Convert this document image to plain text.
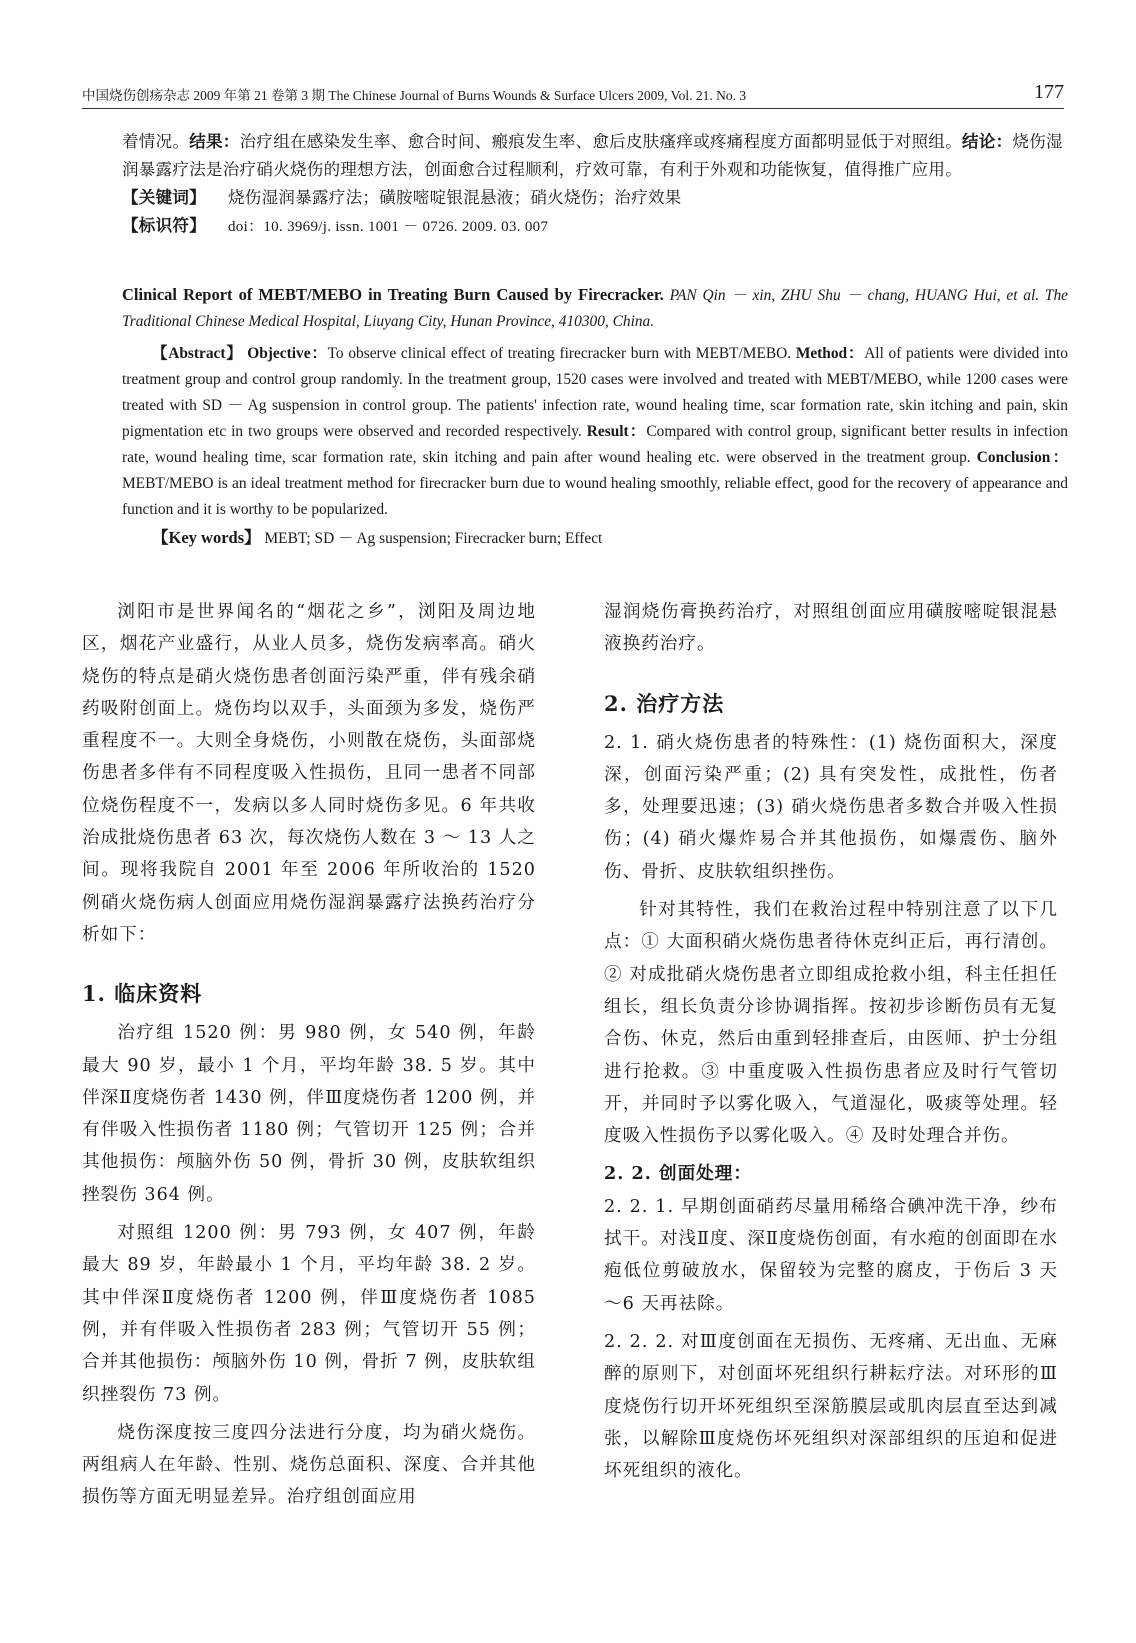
中国烧伤创疡杂志 2009 年第 21 卷第 3 期 The Chinese Journal of Burns Wounds & Surface Ulcers 2009, Vol. 21. No. 3	177

着情况。结果：治疗组在感染发生率、愈合时间、瘢痕发生率、愈后皮肤瘙痒或疼痛程度方面都明显低于对照组。结论：烧伤湿润暴露疗法是治疗硝火烧伤的理想方法，创面愈合过程顺利，疗效可靠，有利于外观和功能恢复，值得推广应用。

【关键词】 烧伤湿润暴露疗法；磺胺嘧啶银混悬液；硝火烧伤；治疗效果

【标识符】 doi：10. 3969/j. issn. 1001 － 0726. 2009. 03. 007

Clinical Report of MEBT/MEBO in Treating Burn Caused by Firecracker. PAN Qin － xin, ZHU Shu － chang, HUANG Hui, et al. The Traditional Chinese Medical Hospital, Liuyang City, Hunan Province, 410300, China.

【Abstract】 Objective：To observe clinical effect of treating firecracker burn with MEBT/MEBO. Method：All of patients were divided into treatment group and control group randomly. In the treatment group, 1520 cases were involved and treated with MEBT/MEBO, while 1200 cases were treated with SD － Ag suspension in control group. The patients' infection rate, wound healing time, scar formation rate, skin itching and pain, skin pigmentation etc in two groups were observed and recorded respectively. Result：Compared with control group, significant better results in infection rate, wound healing time, scar formation rate, skin itching and pain after wound healing etc. were observed in the treatment group. Conclusion：MEBT/MEBO is an ideal treatment method for firecracker burn due to wound healing smoothly, reliable effect, good for the recovery of appearance and function and it is worthy to be popularized.

【Key words】 MEBT; SD － Ag suspension; Firecracker burn; Effect

浏阳市是世界闻名的“烟花之乡”，浏阳及周边地区，烟花产业盛行，从业人员多，烧伤发病率高。硝火烧伤的特点是硝火烧伤患者创面污染严重，伴有残余硝药吸附创面上。烧伤均以双手，头面颈为多发，烧伤严重程度不一。大则全身烧伤，小则散在烧伤，头面部烧伤患者多伴有不同程度吸入性损伤，且同一患者不同部位烧伤程度不一，发病以多人同时烧伤多见。6 年共收治成批烧伤患者 63 次，每次烧伤人数在 3 ～ 13 人之间。现将我院自 2001 年至 2006 年所收治的 1520 例硝火烧伤病人创面应用烧伤湿润暴露疗法换药治疗分析如下：

1. 临床资料

治疗组 1520 例：男 980 例，女 540 例，年龄最大 90 岁，最小 1 个月，平均年龄 38. 5 岁。其中伴深Ⅱ度烧伤者 1430 例，伴Ⅲ度烧伤者 1200 例，并有伴吸入性损伤者 1180 例；气管切开 125 例；合并其他损伤：颅脑外伤 50 例，骨折 30 例，皮肤软组织挫裂伤 364 例。

对照组 1200 例：男 793 例，女 407 例，年龄最大 89 岁，年龄最小 1 个月，平均年龄 38. 2 岁。其中伴深Ⅱ度烧伤者 1200 例，伴Ⅲ度烧伤者 1085 例，并有伴吸入性损伤者 283 例；气管切开 55 例；合并其他损伤：颅脑外伤 10 例，骨折 7 例，皮肤软组织挫裂伤 73 例。

烧伤深度按三度四分法进行分度，均为硝火烧伤。两组病人在年龄、性别、烧伤总面积、深度、合并其他损伤等方面无明显差异。治疗组创面应用

湿润烧伤膏换药治疗，对照组创面应用磺胺嘧啶银混悬液换药治疗。

2. 治疗方法

2. 1. 硝火烧伤患者的特殊性：(1) 烧伤面积大，深度深，创面污染严重；(2) 具有突发性，成批性，伤者多，处理要迅速；(3) 硝火烧伤患者多数合并吸入性损伤；(4) 硝火爆炸易合并其他损伤，如爆震伤、脑外伤、骨折、皮肤软组织挫伤。

针对其特性，我们在救治过程中特别注意了以下几点：① 大面积硝火烧伤患者待休克纠正后，再行清创。② 对成批硝火烧伤患者立即组成抢救小组，科主任担任组长，组长负责分诊协调指挥。按初步诊断伤员有无复合伤、休克，然后由重到轻排查后，由医师、护士分组进行抢救。③ 中重度吸入性损伤患者应及时行气管切开，并同时予以雾化吸入，气道湿化，吸痰等处理。轻度吸入性损伤予以雾化吸入。④ 及时处理合并伤。

2. 2. 创面处理：

2. 2. 1. 早期创面硝药尽量用稀络合碘冲洗干净，纱布拭干。对浅Ⅱ度、深Ⅱ度烧伤创面，有水疱的创面即在水疱低位剪破放水，保留较为完整的腐皮，于伤后 3 天 ～6 天再祛除。

2. 2. 2. 对Ⅲ度创面在无损伤、无疼痛、无出血、无麻醉的原则下，对创面坏死组织行耕耘疗法。对环形的Ⅲ度烧伤行切开坏死组织至深筋膜层或肌肉层直至达到减张，以解除Ⅲ度烧伤坏死组织对深部组织的压迫和促进坏死组织的液化。
